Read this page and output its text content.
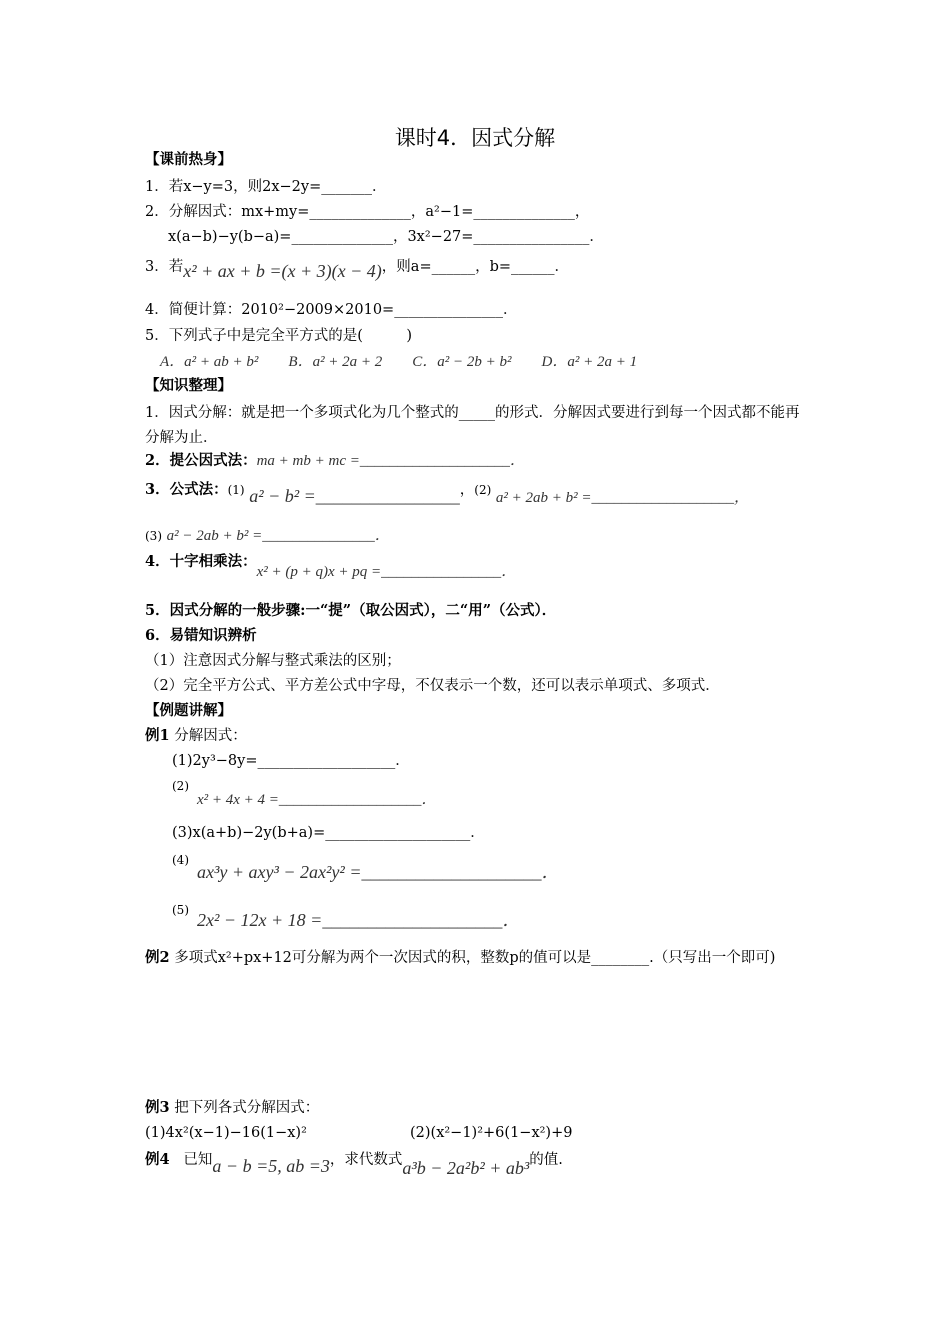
课时4．因式分解
【课前热身】
1．若x−y=3，则2x−2y=_______．
2．分解因式：mx+my=______________，a²−1=______________，
x(a−b)−y(b−a)=______________，3x²−27=________________．
3．若x² + ax + b =(x + 3)(x − 4)，则a=______，b=______．
4．简便计算：2010²−2009×2010=_______________．
5．下列式子中是完全平方式的是(　　　)
A．a² + ab + b²　　B．a² + 2a + 2　　C．a² − 2b + b²　　D．a² + 2a + 1
【知识整理】
1．因式分解：就是把一个多项式化为几个整式的_____的形式．分解因式要进行到每一个因式都不能再分解为止．
2．提公因式法：ma + mb + mc =____________________．
3．公式法：(1) a² − b² =________________，(2) a² + 2ab + b² =___________________，
(3) a² − 2ab + b² =_______________．
4．十字相乘法：x² + (p + q)x + pq =________________．
5．因式分解的一般步骤:一“提”（取公因式），二“用”（公式）．
6．易错知识辨析
（1）注意因式分解与整式乘法的区别；
（2）完全平方公式、平方差公式中字母，不仅表示一个数，还可以表示单项式、多项式．
【例题讲解】
例1 分解因式：
(1)2y³−8y=___________________．
(2)
x² + 4x + 4 =___________________．
(3)x(a+b)−2y(b+a)=____________________．
(4)
ax³y + axy³ − 2ax²y² =____________________．
(5) 2x² − 12x + 18 =____________________．
例2 多项式x²+px+12可分解为两个一次因式的积，整数p的值可以是________.（只写出一个即可)
例3 把下列各式分解因式：
(1)4x²(x−1)−16(1−x)²	(2)(x²−1)²+6(1−x²)+9
例4 已知a − b =5, ab =3，求代数式a³b − 2a²b² + ab³的值.
